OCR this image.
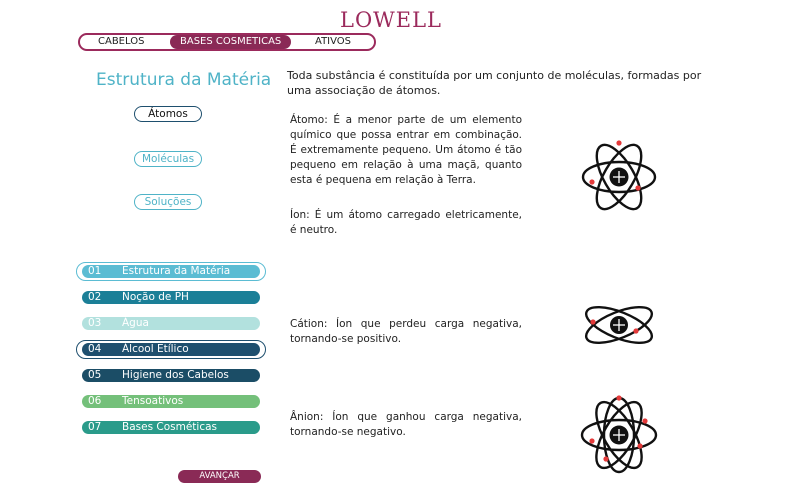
LOWELL
CABELOS	BASES COSMETICAS	ATIVOS
Estrutura da Matéria
Átomos
Moléculas
Soluções
01 Estrutura da Matéria
02 Noção de PH
03 Água
04 Álcool Etílico
05 Higiene dos Cabelos
06 Tensoativos
07 Bases Cosméticas
AVANÇAR
Toda substância é constituída por um conjunto de moléculas, formadas por uma associação de átomos.
Átomo: É a menor parte de um elemento químico que possa entrar em combinação. É extremamente pequeno. Um átomo é tão pequeno em relação à uma maçã, quanto esta é pequena em relação à Terra.
Íon: É um átomo carregado eletricamente, é neutro.
Cátion: Íon que perdeu carga negativa, tornando-se positivo.
Ânion: Íon que ganhou carga negativa, tornando-se negativo.
